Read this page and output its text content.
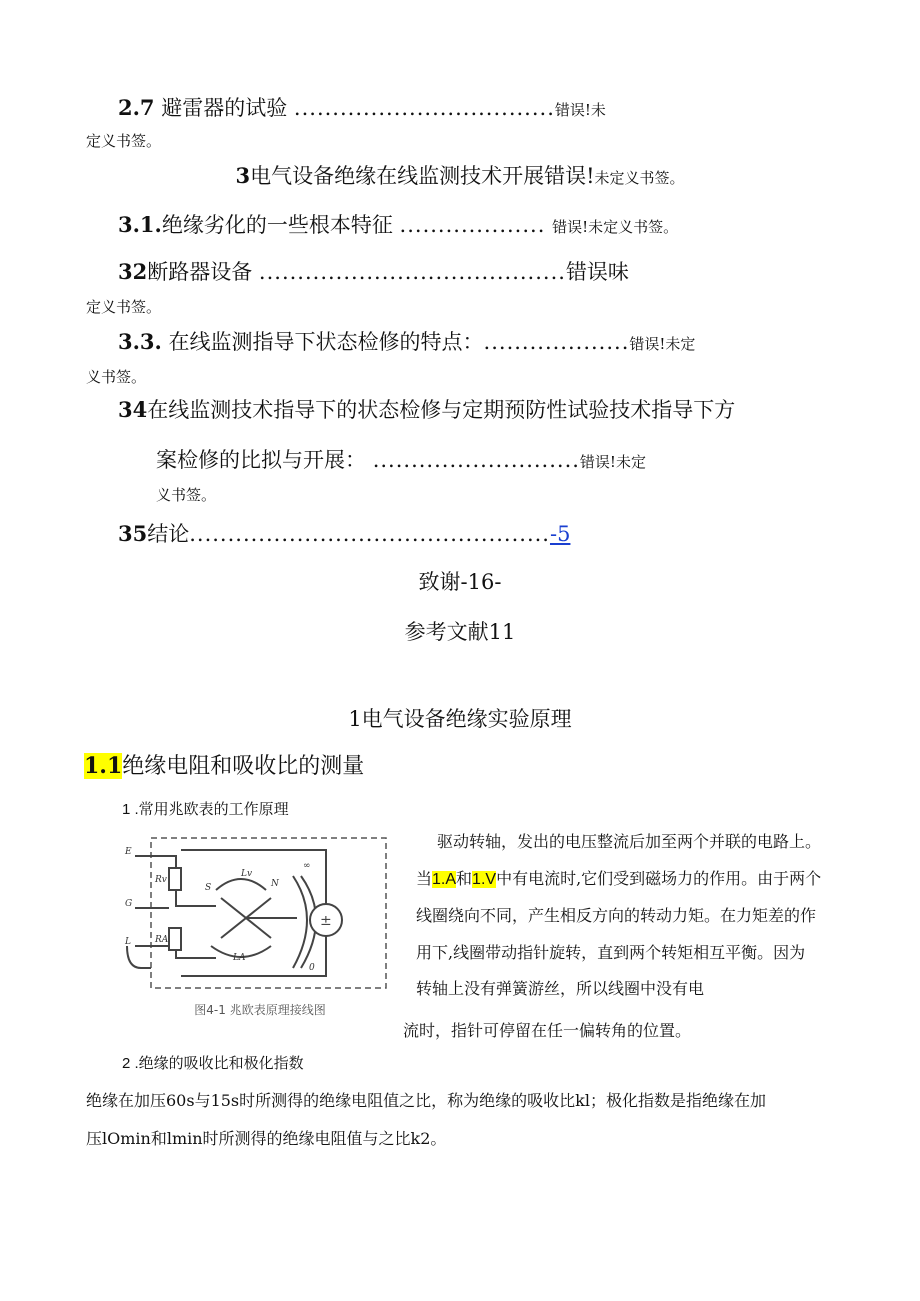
2.7 避雷器的试验 ..................................错误!未
定义书签。
3电气设备绝缘在线监测技术开展错误!未定义书签。
3.1.绝缘劣化的一些根本特征 ................... 错误!未定义书签。
32断路器设备 ........................................错误味
定义书签。
3.3. 在线监测指导下状态检修的特点：...................错误!未定
义书签。
34在线监测技术指导下的状态检修与定期预防性试验技术指导下方
案检修的比拟与开展： ...........................错误!未定
义书签。
35结论...............................................-5
致谢-16-
参考文献11
1电气设备绝缘实验原理
1.1绝缘电阻和吸收比的测量
1 .常用兆欧表的工作原理
±
E
G
L
Rv
RA
S
Lv
LA
N
0
∞
图4-1 兆欧表原理接线图
驱动转轴，发出的电压整流后加至两个并联的电路上。
当1.A和1.V中有电流时,它们受到磁场力的作用。由于两个
线圈绕向不同，产生相反方向的转动力矩。在力矩差的作
用下,线圈带动指针旋转，直到两个转矩相互平衡。因为
转轴上没有弹簧游丝，所以线圈中没有电
流时，指针可停留在任一偏转角的位置。
2 .绝缘的吸收比和极化指数
绝缘在加压60s与15s时所测得的绝缘电阻值之比，称为绝缘的吸收比kl；极化指数是指绝缘在加
压lOmin和lmin时所测得的绝缘电阻值与之比k2。
